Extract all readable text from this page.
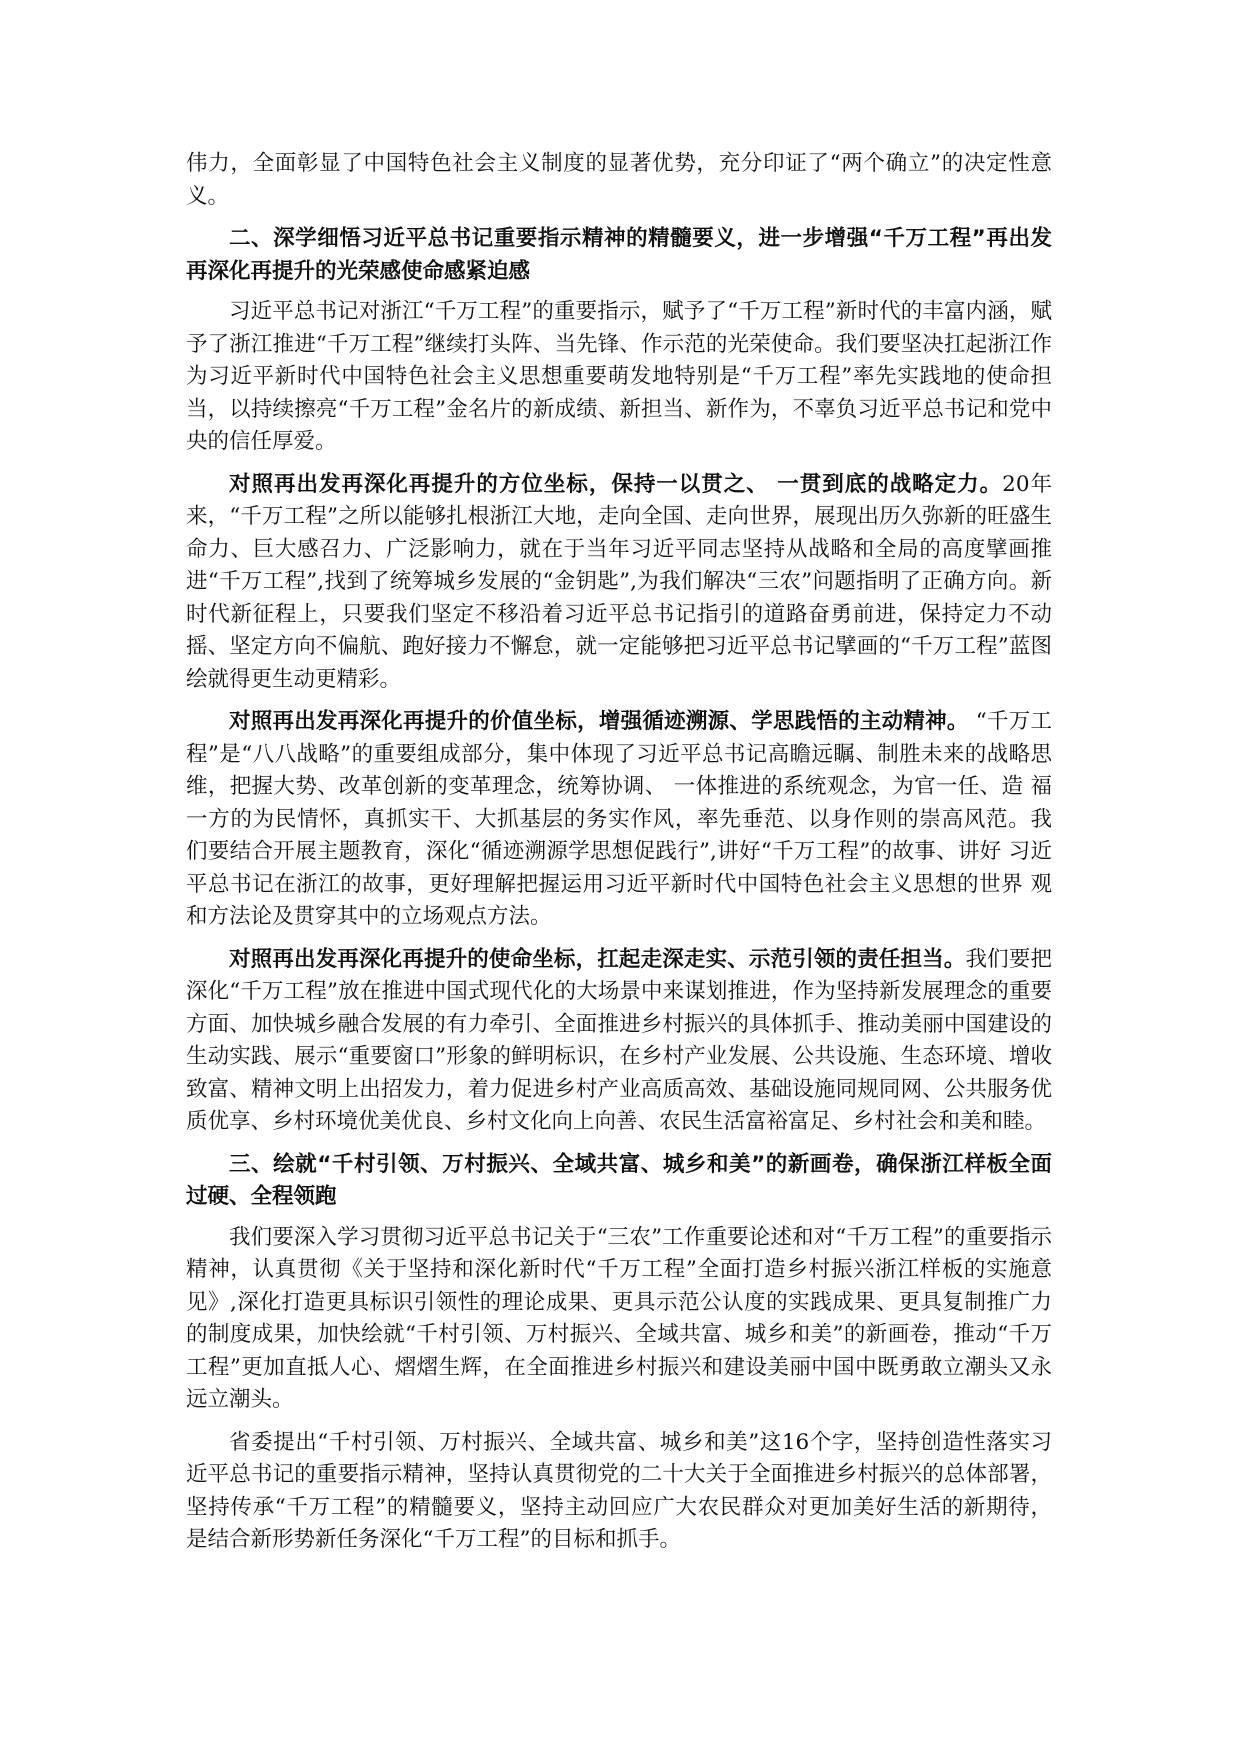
伟力，全面彰显了中国特色社会主义制度的显著优势，充分印证了“两个确立”的决定性意义。

二、深学细悟习近平总书记重要指示精神的精髓要义，进一步增强“千万工程”再出发再深化再提升的光荣感使命感紧迫感

习近平总书记对浙江“千万工程”的重要指示，赋予了“千万工程”新时代的丰富内涵，赋予了浙江推进“千万工程”继续打头阵、当先锋、作示范的光荣使命。我们要坚决扛起浙江作为习近平新时代中国特色社会主义思想重要萌发地特别是“千万工程”率先实践地的使命担当，以持续擦亮“千万工程”金名片的新成绩、新担当、新作为，不辜负习近平总书记和党中央的信任厚爱。

对照再出发再深化再提升的方位坐标，保持一以贯之、 一贯到底的战略定力。20年来，“千万工程”之所以能够扎根浙江大地，走向全国、走向世界，展现出历久弥新的旺盛生命力、巨大感召力、广泛影响力，就在于当年习近平同志坚持从战略和全局的高度擘画推进“千万工程”,找到了统筹城乡发展的“金钥匙”,为我们解决“三农”问题指明了正确方向。新时代新征程上，只要我们坚定不移沿着习近平总书记指引的道路奋勇前进，保持定力不动摇、坚定方向不偏航、跑好接力不懈怠，就一定能够把习近平总书记擘画的“千万工程”蓝图绘就得更生动更精彩。

对照再出发再深化再提升的价值坐标，增强循迹溯源、学思践悟的主动精神。 “千万工程”是“八八战略”的重要组成部分，集中体现了习近平总书记高瞻远瞩、制胜未来的战略思维，把握大势、改革创新的变革理念，统筹协调、 一体推进的系统观念，为官一任、造 福一方的为民情怀，真抓实干、大抓基层的务实作风，率先垂范、以身作则的崇高风范。我 们要结合开展主题教育，深化“循迹溯源学思想促践行”,讲好“千万工程”的故事、讲好 习近平总书记在浙江的故事，更好理解把握运用习近平新时代中国特色社会主义思想的世界 观和方法论及贯穿其中的立场观点方法。

对照再出发再深化再提升的使命坐标，扛起走深走实、示范引领的责任担当。我们要把深化“千万工程”放在推进中国式现代化的大场景中来谋划推进，作为坚持新发展理念的重要方面、加快城乡融合发展的有力牵引、全面推进乡村振兴的具体抓手、推动美丽中国建设的生动实践、展示“重要窗口”形象的鲜明标识，在乡村产业发展、公共设施、生态环境、增收致富、精神文明上出招发力，着力促进乡村产业高质高效、基础设施同规同网、公共服务优质优享、乡村环境优美优良、乡村文化向上向善、农民生活富裕富足、乡村社会和美和睦。

三、绘就“千村引领、万村振兴、全域共富、城乡和美”的新画卷，确保浙江样板全面过硬、全程领跑

我们要深入学习贯彻习近平总书记关于“三农”工作重要论述和对“千万工程”的重要指示精神，认真贯彻《关于坚持和深化新时代“千万工程”全面打造乡村振兴浙江样板的实施意见》,深化打造更具标识引领性的理论成果、更具示范公认度的实践成果、更具复制推广力的制度成果，加快绘就“千村引领、万村振兴、全域共富、城乡和美”的新画卷，推动“千万工程”更加直抵人心、熠熠生辉，在全面推进乡村振兴和建设美丽中国中既勇敢立潮头又永远立潮头。

省委提出“千村引领、万村振兴、全域共富、城乡和美”这16个字，坚持创造性落实习近平总书记的重要指示精神，坚持认真贯彻党的二十大关于全面推进乡村振兴的总体部署， 坚持传承“千万工程”的精髓要义，坚持主动回应广大农民群众对更加美好生活的新期待， 是结合新形势新任务深化“千万工程”的目标和抓手。
